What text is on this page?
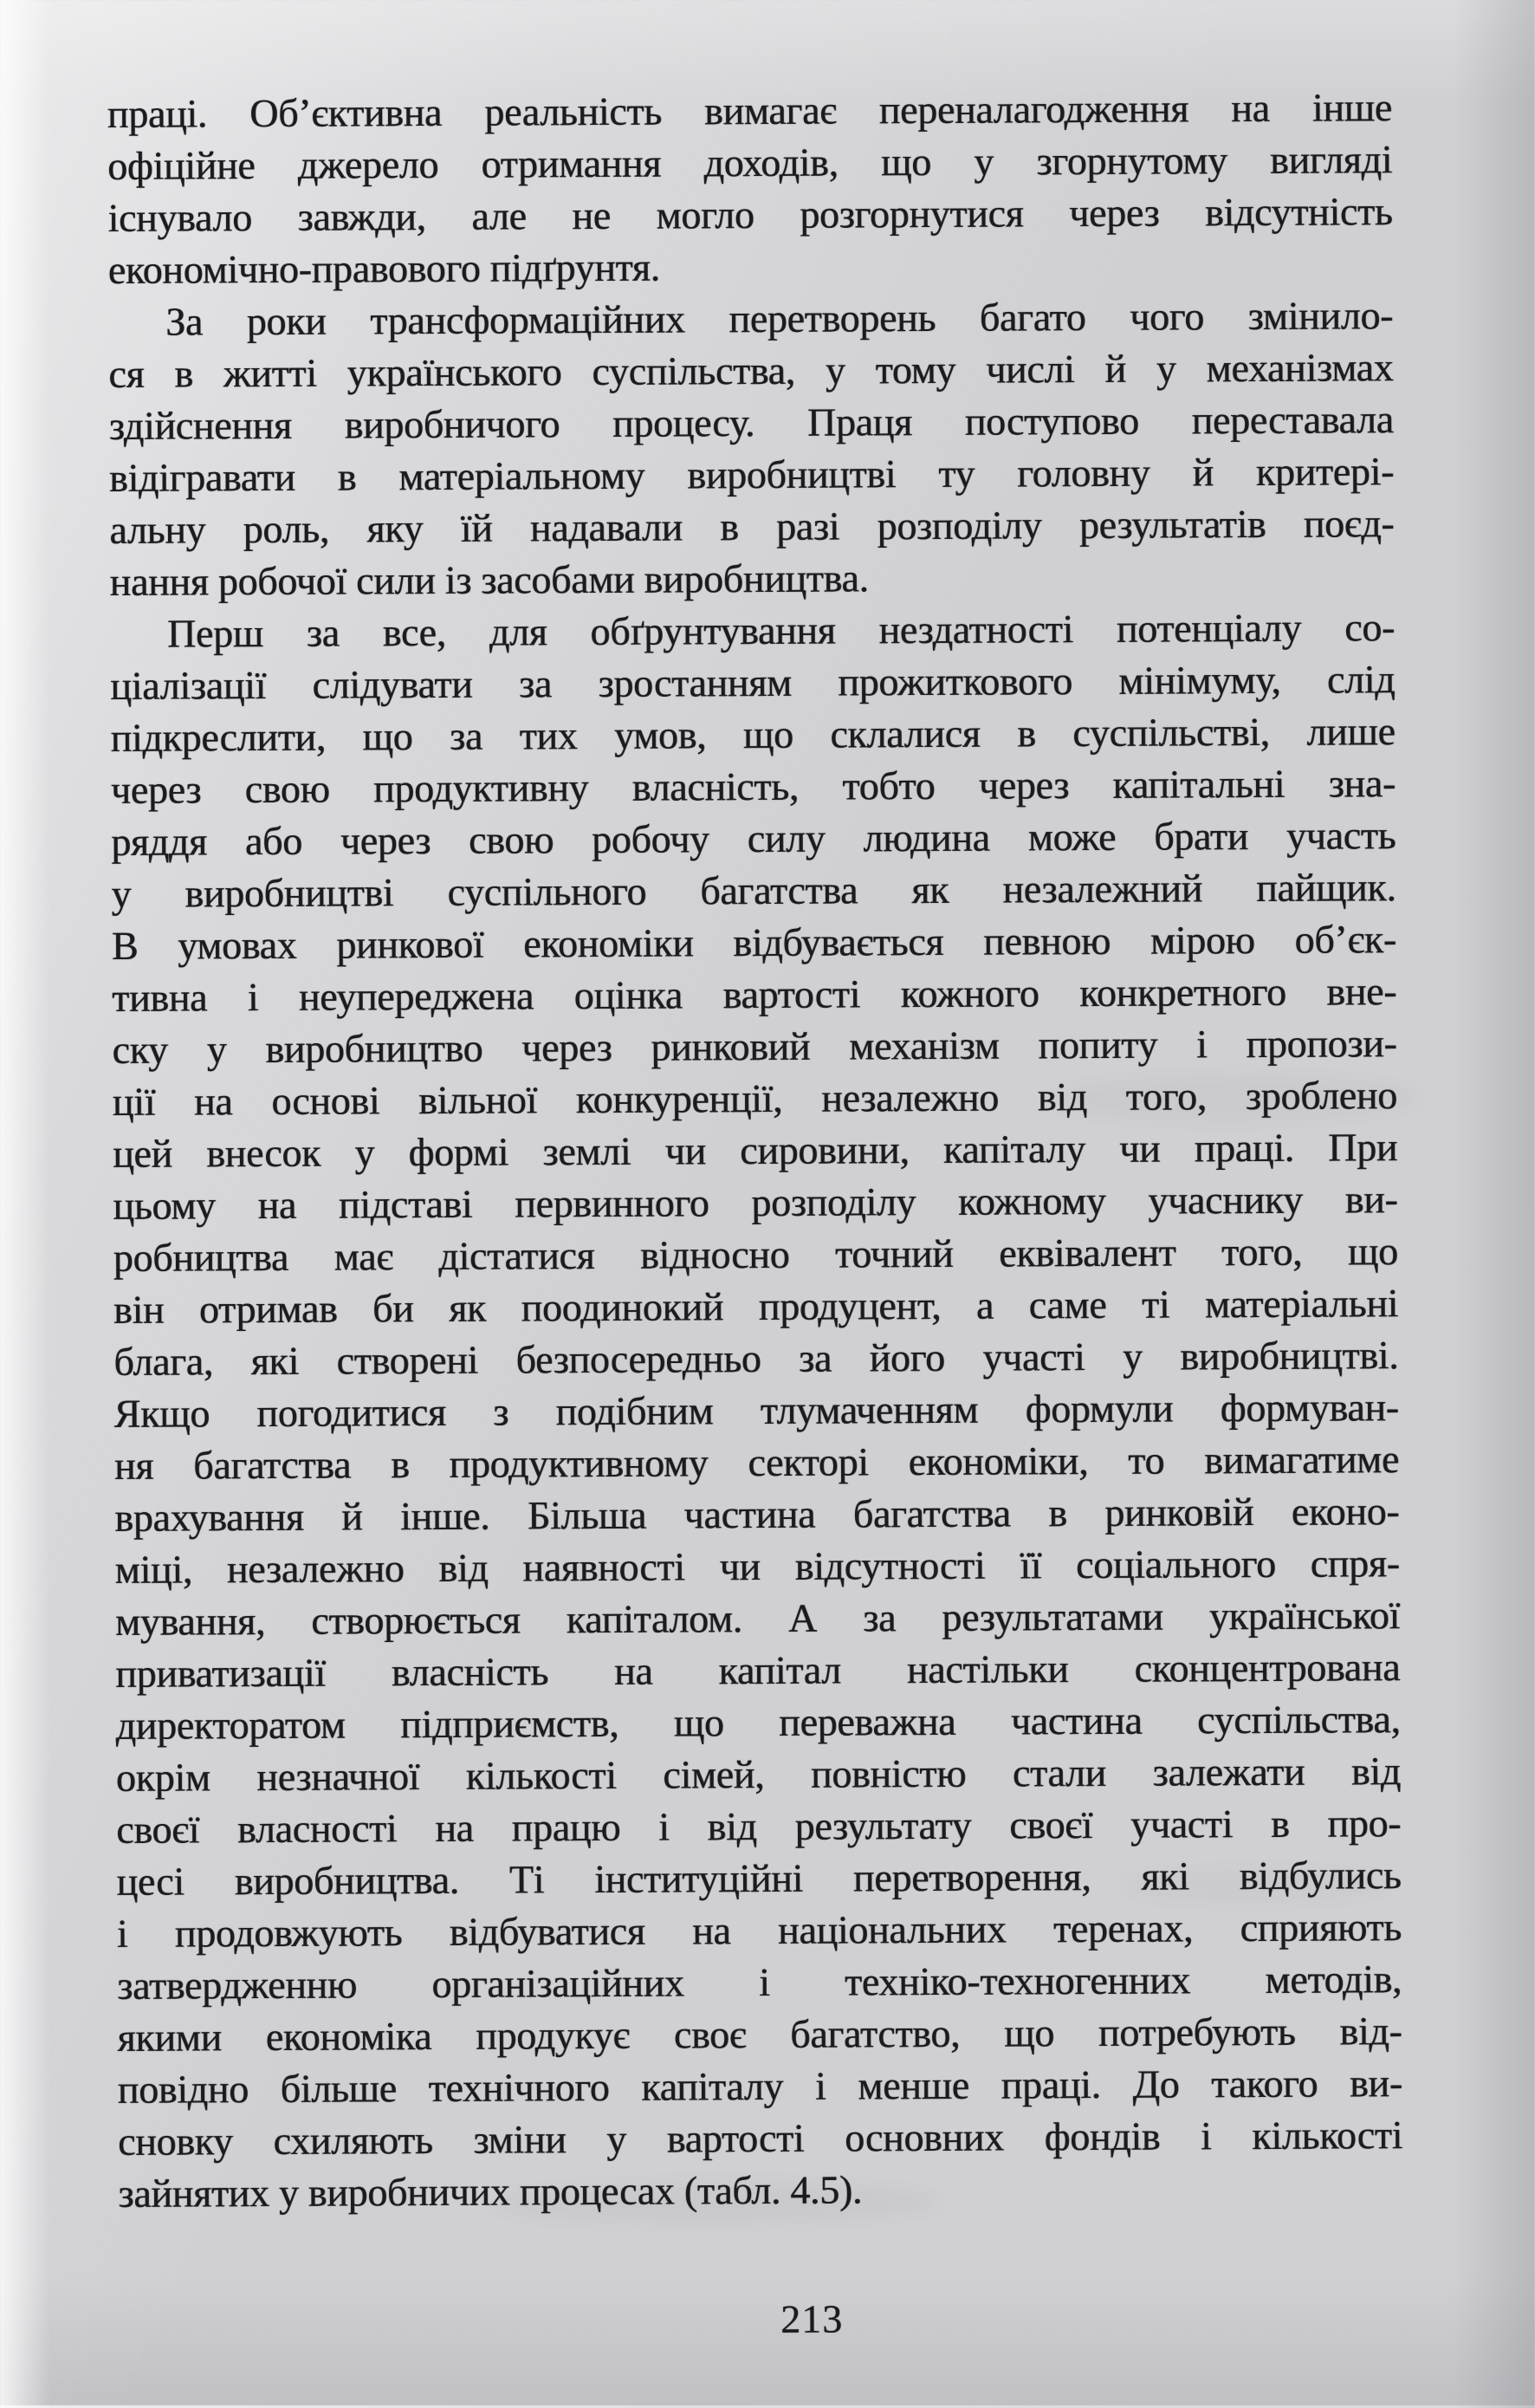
праці. Об’єктивна реальність вимагає переналагодження на інше
офіційне джерело отримання доходів, що у згорнутому вигляді
існувало завжди, але не могло розгорнутися через відсутність
економічно-правового підґрунтя.
За роки трансформаційних перетворень багато чого змінило-
ся в житті українського суспільства, у тому числі й у механізмах
здійснення виробничого процесу. Праця поступово переставала
відігравати в матеріальному виробництві ту головну й критері-
альну роль, яку їй надавали в разі розподілу результатів поєд-
нання робочої сили із засобами виробництва.
Перш за все, для обґрунтування нездатності потенціалу со-
ціалізації слідувати за зростанням прожиткового мінімуму, слід
підкреслити, що за тих умов, що склалися в суспільстві, лише
через свою продуктивну власність, тобто через капітальні зна-
ряддя або через свою робочу силу людина може брати участь
у виробництві суспільного багатства як незалежний пайщик.
В умовах ринкової економіки відбувається певною мірою об’єк-
тивна і неупереджена оцінка вартості кожного конкретного вне-
ску у виробництво через ринковий механізм попиту і пропози-
ції на основі вільної конкуренції, незалежно від того, зроблено
цей внесок у формі землі чи сировини, капіталу чи праці. При
цьому на підставі первинного розподілу кожному учаснику ви-
робництва має дістатися відносно точний еквівалент того, що
він отримав би як поодинокий продуцент, а саме ті матеріальні
блага, які створені безпосередньо за його участі у виробництві.
Якщо погодитися з подібним тлумаченням формули формуван-
ня багатства в продуктивному секторі економіки, то вимагатиме
врахування й інше. Більша частина багатства в ринковій еконо-
міці, незалежно від наявності чи відсутності її соціального спря-
мування, створюється капіталом. А за результатами української
приватизації власність на капітал настільки сконцентрована
директоратом підприємств, що переважна частина суспільства,
окрім незначної кількості сімей, повністю стали залежати від
своєї власності на працю і від результату своєї участі в про-
цесі виробництва. Ті інституційні перетворення, які відбулись
і продовжують відбуватися на національних теренах, сприяють
затвердженню організаційних і техніко-техногенних методів,
якими економіка продукує своє багатство, що потребують від-
повідно більше технічного капіталу і менше праці. До такого ви-
сновку схиляють зміни у вартості основних фондів і кількості
зайнятих у виробничих процесах (табл. 4.5).
213
